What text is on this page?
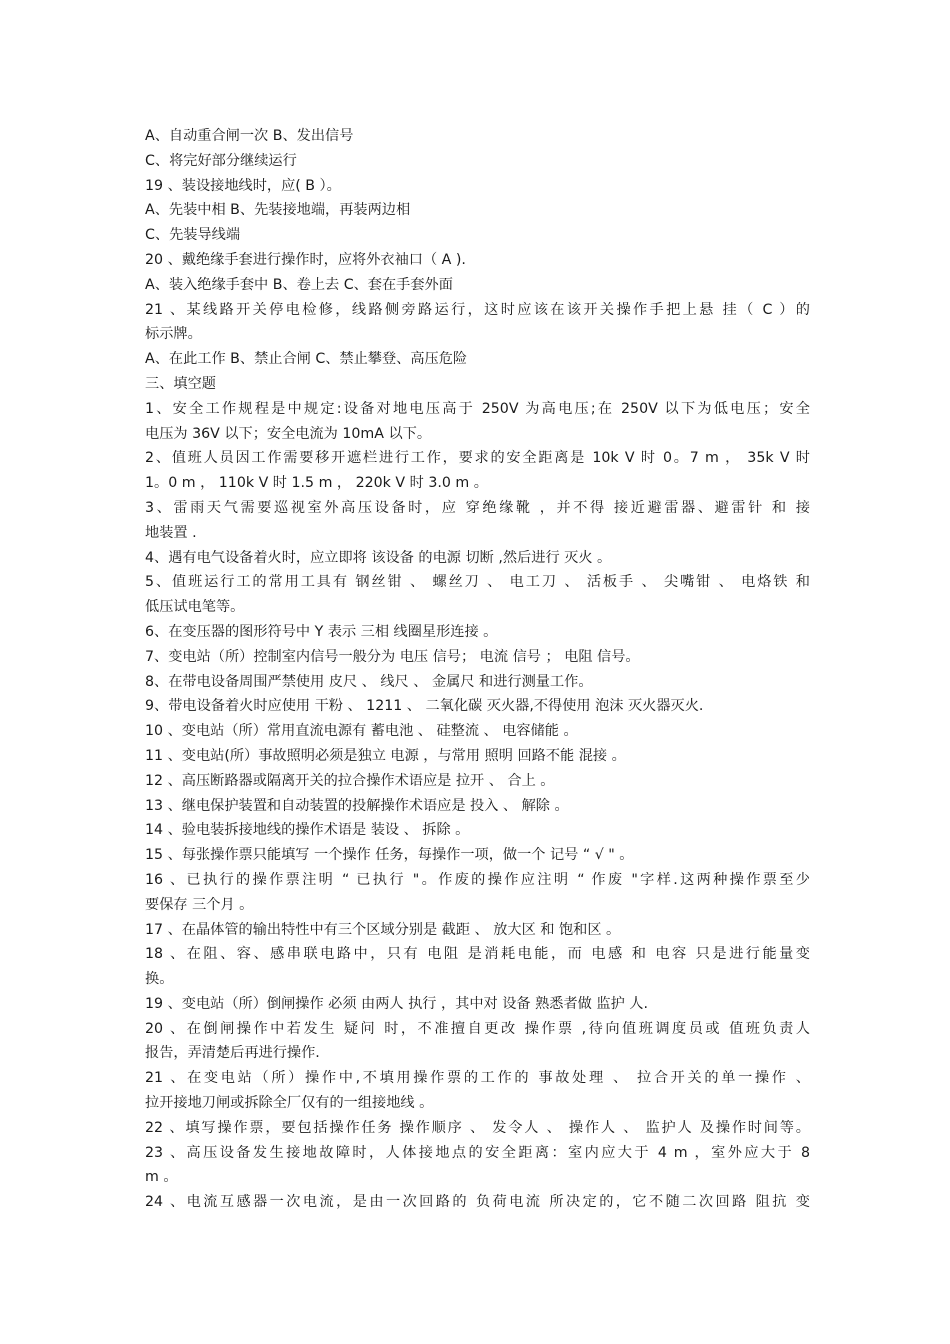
A、自动重合闸一次 B、发出信号
C、将完好部分继续运行
19 、装设接地线时，应( B ）。
A、先装中相 B、先装接地端，再装两边相
C、先装导线端
20 、戴绝缘手套进行操作时，应将外衣袖口（ A ).
A、装入绝缘手套中 B、卷上去 C、套在手套外面
21 、某线路开关停电检修，线路侧旁路运行，这时应该在该开关操作手把上悬 挂（ C ）的
标示牌。
A、在此工作 B、禁止合闸 C、禁止攀登、高压危险
三、填空题
1、安全工作规程是中规定:设备对地电压高于 250V 为高电压;在 250V 以下为低电压；安全
电压为 36V 以下；安全电流为 10mA 以下。
2、值班人员因工作需要移开遮栏进行工作，要求的安全距离是 10k V 时 0。7 m ， 35k V 时
1。0 m ， 110k V 时 1.5 m ， 220k V 时 3.0 m 。
3、雷雨天气需要巡视室外高压设备时，应 穿绝缘靴 ，并不得 接近避雷器、避雷针 和 接
地装置 .
4、遇有电气设备着火时，应立即将 该设备 的电源 切断 ,然后进行 灭火 。
5、值班运行工的常用工具有 钢丝钳 、 螺丝刀 、 电工刀 、 活板手 、 尖嘴钳 、 电烙铁 和
低压试电笔等。
6、在变压器的图形符号中 Y 表示 三相 线圈星形连接 。
7、变电站（所）控制室内信号一般分为 电压 信号； 电流 信号 ； 电阻 信号。
8、在带电设备周围严禁使用 皮尺 、 线尺 、 金属尺 和进行测量工作。
9、带电设备着火时应使用 干粉 、 1211 、 二氧化碳 灭火器,不得使用 泡沫 灭火器灭火.
10 、变电站（所）常用直流电源有 蓄电池 、 硅整流 、 电容储能 。
11 、变电站(所）事故照明必须是独立 电源 ，与常用 照明 回路不能 混接 。
12 、高压断路器或隔离开关的拉合操作术语应是 拉开 、 合上 。
13 、继电保护装置和自动装置的投解操作术语应是 投入 、 解除 。
14 、验电装拆接地线的操作术语是 装设 、 拆除 。
15 、每张操作票只能填写 一个操作 任务，每操作一项，做一个 记号 “ √ " 。
16 、已执行的操作票注明 “ 已执行 "。作废的操作应注明 “ 作废 "字样.这两种操作票至少
要保存 三个月 。
17 、在晶体管的输出特性中有三个区域分别是 截距 、 放大区 和 饱和区 。
18 、在阻、容、感串联电路中，只有 电阻 是消耗电能，而 电感 和 电容 只是进行能量变
换。
19 、变电站（所）倒闸操作 必须 由两人 执行 ，其中对 设备 熟悉者做 监护 人.
20 、在倒闸操作中若发生 疑问 时，不准擅自更改 操作票 ,待向值班调度员或 值班负责人
报告，弄清楚后再进行操作.
21 、在变电站（所）操作中,不填用操作票的工作的 事故处理 、 拉合开关的单一操作 、
拉开接地刀闸或拆除全厂仅有的一组接地线 。
22 、填写操作票，要包括操作任务 操作顺序 、 发令人 、 操作人 、 监护人 及操作时间等。
23 、高压设备发生接地故障时，人体接地点的安全距离：室内应大于 4 m ，室外应大于 8
m 。
24 、电流互感器一次电流，是由一次回路的 负荷电流 所决定的，它不随二次回路 阻抗 变
